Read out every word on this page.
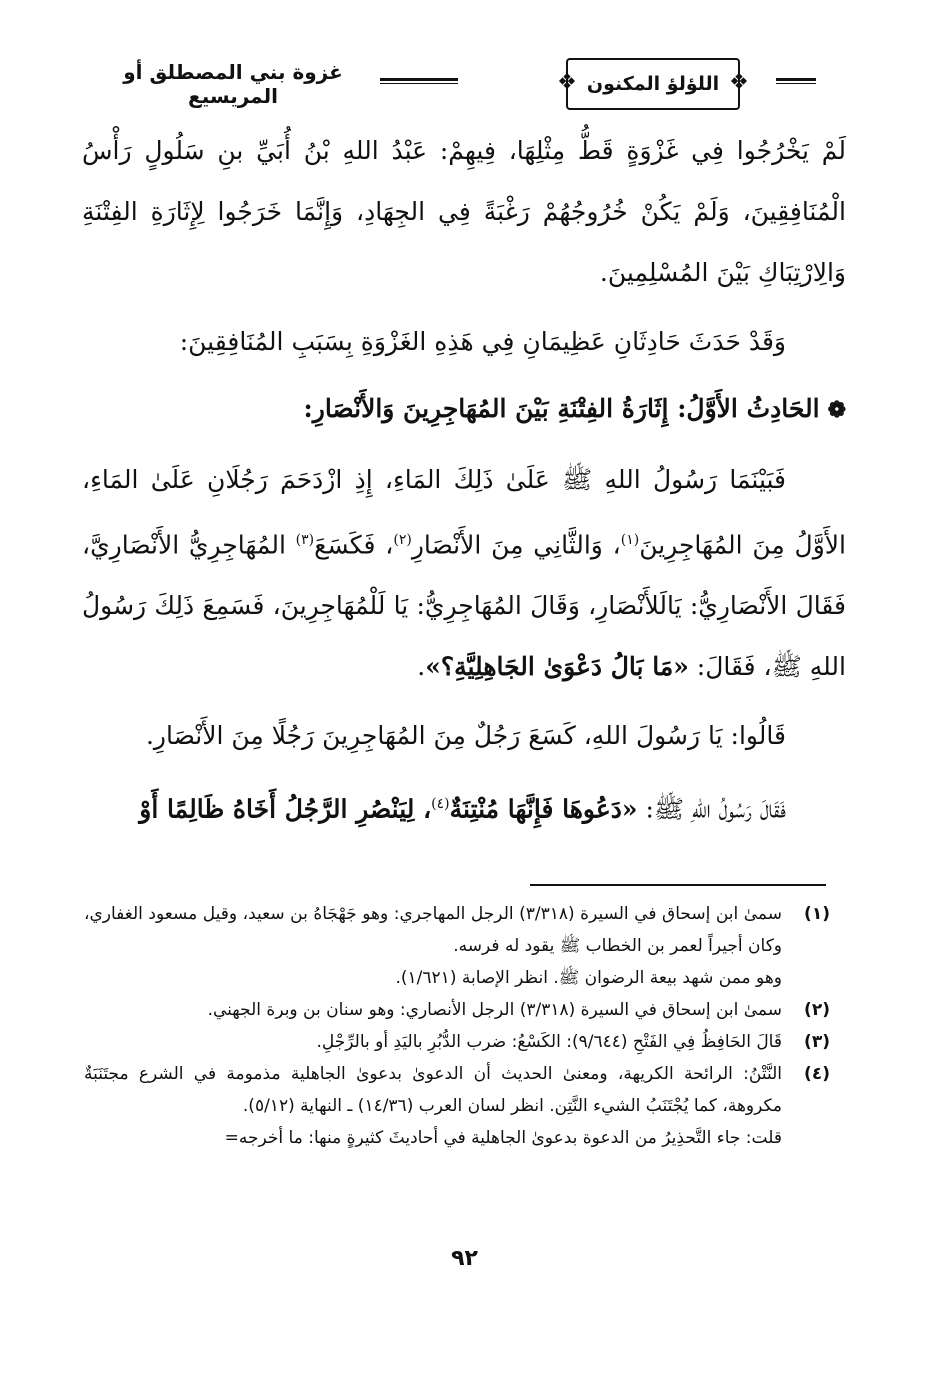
غزوة بني المصطلق أو المريسيع
❖ اللؤلؤ المكنون ❖

لَمْ يَخْرُجُوا فِي غَزْوَةٍ قَطُّ مِثْلِهَا، فِيهِمْ: عَبْدُ اللهِ بْنُ أُبَيِّ بنِ سَلُولٍ رَأْسُ الْمُنَافِقِينَ، وَلَمْ يَكُنْ خُرُوجُهُمْ رَغْبَةً فِي الجِهَادِ، وَإِنَّمَا خَرَجُوا لِإِثَارَةِ الفِتْنَةِ وَالِارْتِبَاكِ بَيْنَ المُسْلِمِينَ.

وَقَدْ حَدَثَ حَادِثَانِ عَظِيمَانِ فِي هَذِهِ الغَزْوَةِ بِسَبَبِ المُنَافِقِينَ:

❁الحَادِثُ الأَوَّلُ: إِثَارَةُ الفِتْنَةِ بَيْنَ المُهَاجِرِينَ وَالأَنْصَارِ:

فَبَيْنَمَا رَسُولُ اللهِ ﷺ عَلَىٰ ذَلِكَ المَاءِ، إِذِ ازْدَحَمَ رَجُلَانِ عَلَىٰ المَاءِ، الأَوَّلُ مِنَ المُهَاجِرِينَ$^{(١)}$، وَالثَّانِي مِنَ الأَنْصَارِ$^{(٢)}$، فَكَسَعَ$^{(٣)}$ المُهَاجِرِيُّ الأَنْصَارِيَّ، فَقَالَ الأَنْصَارِيُّ: يَالَلأَنْصَارِ، وَقَالَ المُهَاجِرِيُّ: يَا لَلْمُهَاجِرِينَ، فَسَمِعَ ذَلِكَ رَسُولُ اللهِ ﷺ، فَقَالَ: «مَا بَالُ دَعْوَىٰ الجَاهِلِيَّةِ؟».

قَالُوا: يَا رَسُولَ اللهِ، كَسَعَ رَجُلٌ مِنَ المُهَاجِرِينَ رَجُلًا مِنَ الأَنْصَارِ.

فَقَالَ رَسُولُ اللهِ ﷺ: «دَعُوهَا فَإِنَّهَا مُنْتِنَةٌ$^{(٤)}$، لِيَنْصُرِ الرَّجُلُ أَخَاهُ ظَالِمًا أَوْ

(١)
سمىٰ ابن إسحاق في السيرة (٣/٣١٨) الرجل المهاجري: وهو جَهْجَاهُ بن سعيد، وقيل مسعود الغفاري، وكان أجيراً لعمر بن الخطاب ﷺ يقود له فرسه.
وهو ممن شهد بيعة الرضوان ﷺ. انظر الإصابة (١/٦٢١).
(٢)
سمىٰ ابن إسحاق في السيرة (٣/٣١٨) الرجل الأنصاري: وهو سنان بن وبرة الجهني.
(٣)
قَالَ الحَافِظُ فِي الفَتْحِ (٩/٦٤٤): الكَسْعُ: ضرب الدُّبُرِ باليَدِ أو بالرِّجْلِ.
(٤)
النَّتْنُ: الرائحة الكريهة، ومعنىٰ الحديث أن الدعوىٰ بدعوىٰ الجاهلية مذمومة في الشرع مجتَنَبَةٌ مكروهة، كما يُجْتَنَبُ الشيء النَّتِن. انظر لسان العرب (١٤/٣٦) ـ النهاية (٥/١٢).
قلت: جاء التَّحذِيرُ من الدعوة بدعوىٰ الجاهلية في أحاديثَ كثيرةٍ منها: ما أخرجه=
٩٢
